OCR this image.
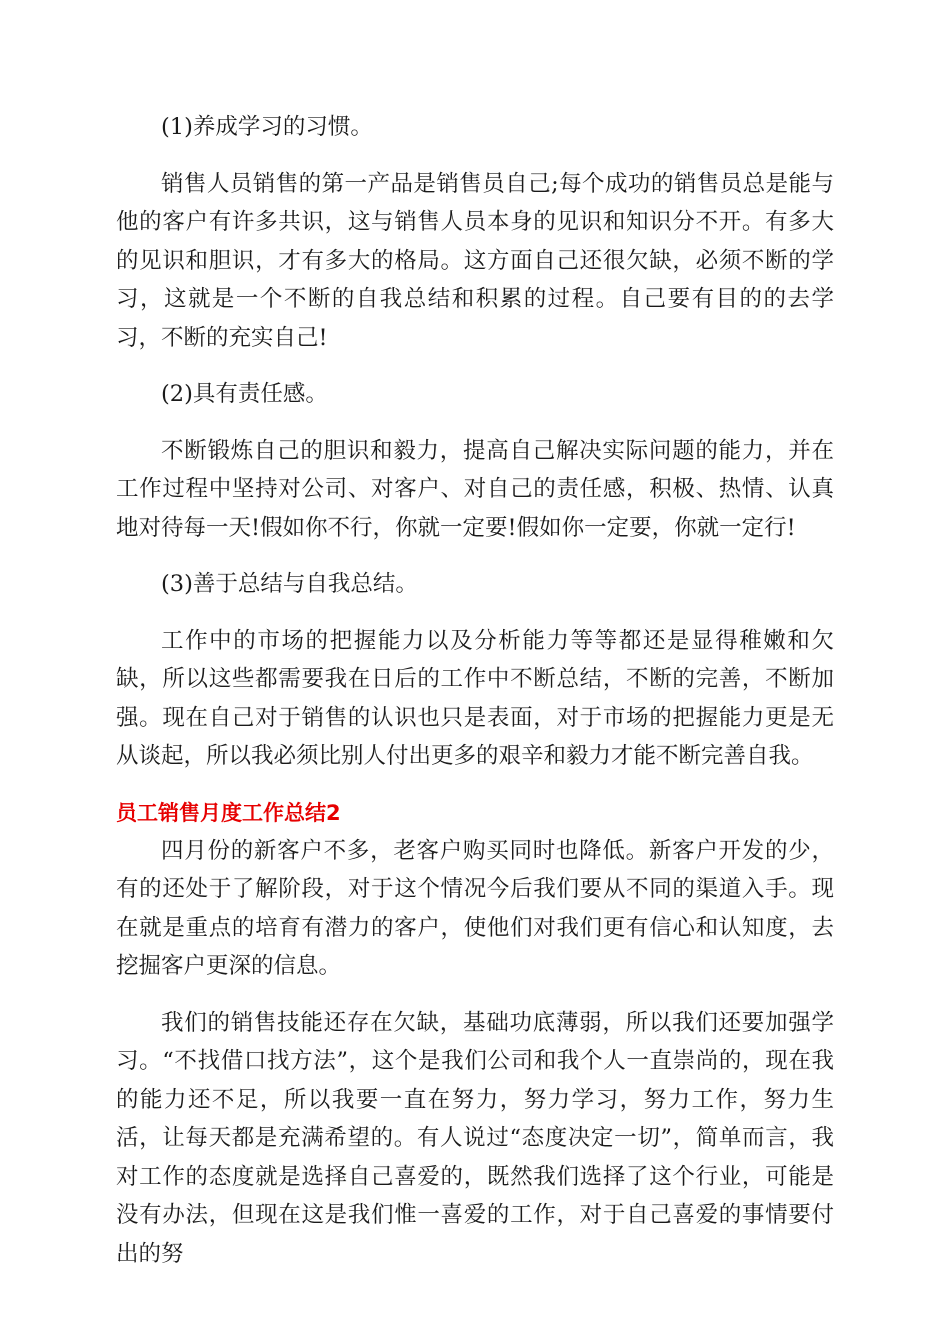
(1)养成学习的习惯。

销售人员销售的第一产品是销售员自己;每个成功的销售员总是能与他的客户有许多共识，这与销售人员本身的见识和知识分不开。有多大的见识和胆识，才有多大的格局。这方面自己还很欠缺，必须不断的学习，这就是一个不断的自我总结和积累的过程。自己要有目的的去学习，不断的充实自己!

(2)具有责任感。

不断锻炼自己的胆识和毅力，提高自己解决实际问题的能力，并在工作过程中坚持对公司、对客户、对自己的责任感，积极、热情、认真地对待每一天!假如你不行，你就一定要!假如你一定要，你就一定行!

(3)善于总结与自我总结。

工作中的市场的把握能力以及分析能力等等都还是显得稚嫩和欠缺，所以这些都需要我在日后的工作中不断总结，不断的完善，不断加强。现在自己对于销售的认识也只是表面，对于市场的把握能力更是无从谈起，所以我必须比别人付出更多的艰辛和毅力才能不断完善自我。

员工销售月度工作总结2

四月份的新客户不多，老客户购买同时也降低。新客户开发的少，有的还处于了解阶段，对于这个情况今后我们要从不同的渠道入手。现在就是重点的培育有潜力的客户，使他们对我们更有信心和认知度，去挖掘客户更深的信息。

我们的销售技能还存在欠缺，基础功底薄弱，所以我们还要加强学习。“不找借口找方法”，这个是我们公司和我个人一直崇尚的，现在我的能力还不足，所以我要一直在努力，努力学习，努力工作，努力生活，让每天都是充满希望的。有人说过“态度决定一切”，简单而言，我对工作的态度就是选择自己喜爱的，既然我们选择了这个行业，可能是没有办法，但现在这是我们惟一喜爱的工作，对于自己喜爱的事情要付出的努
